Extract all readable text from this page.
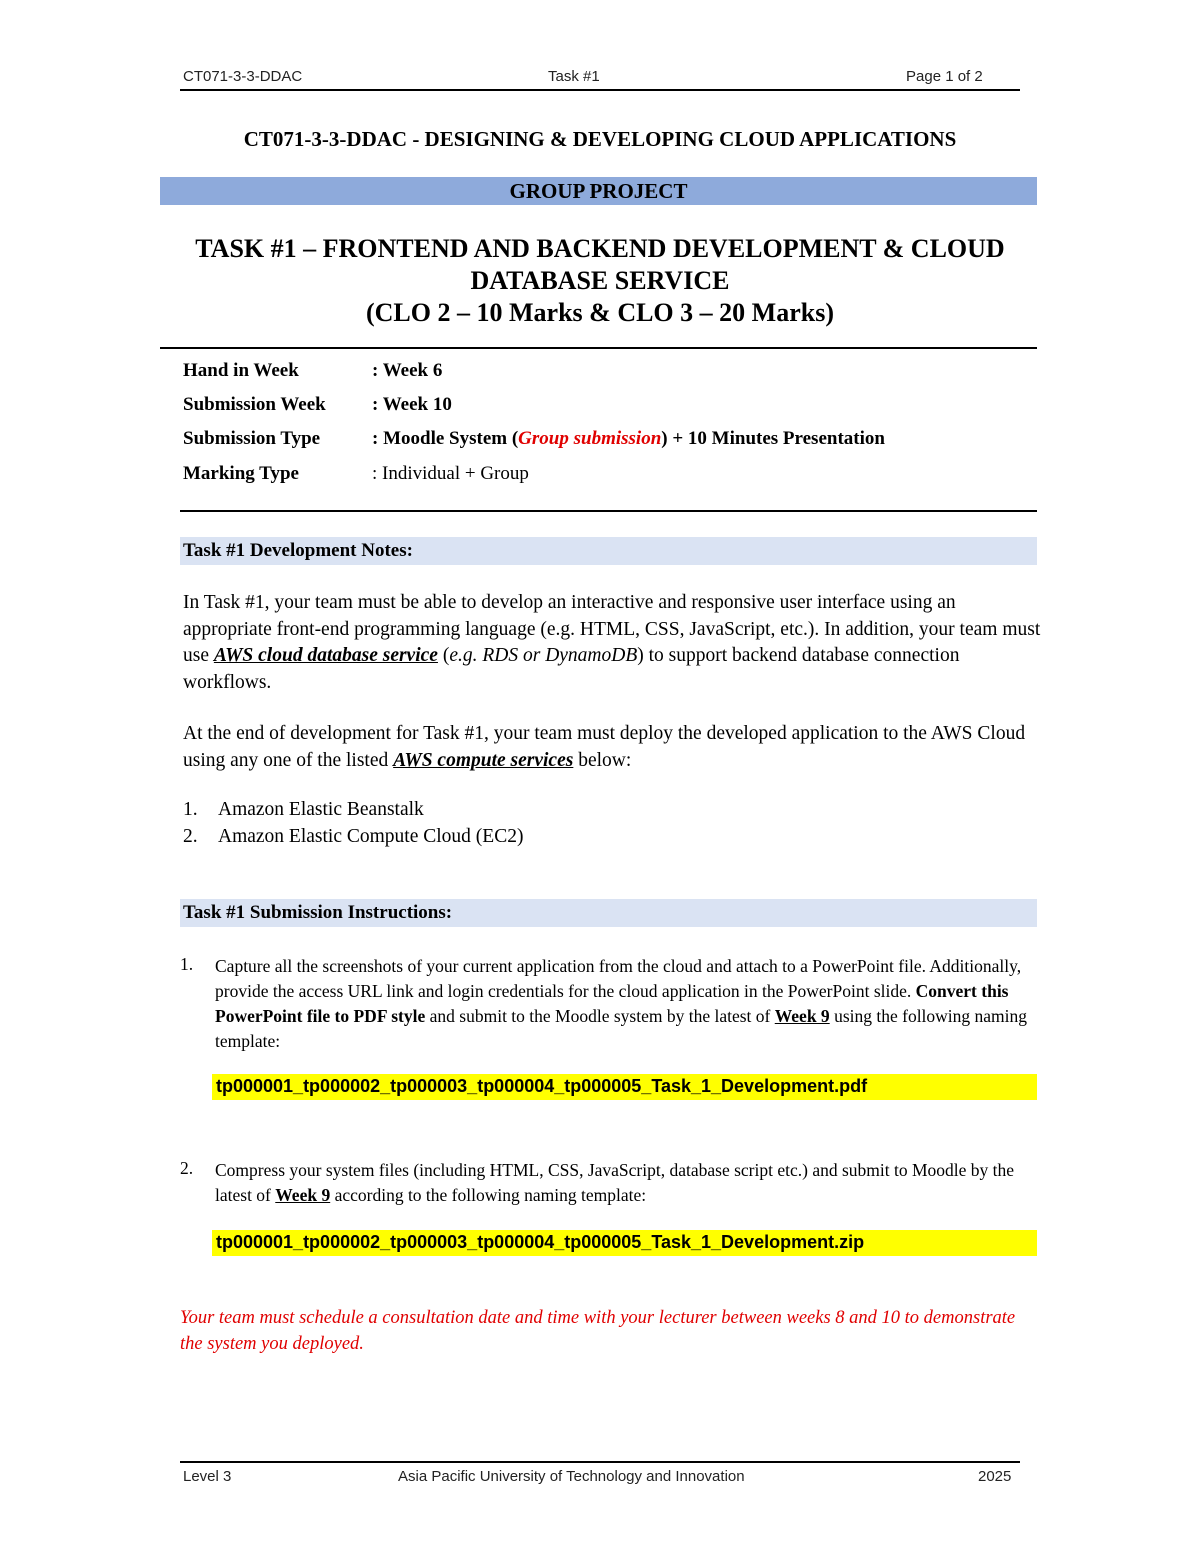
CT071-3-3-DDAC	Task #1	Page 1 of 2
CT071-3-3-DDAC - DESIGNING & DEVELOPING CLOUD APPLICATIONS
GROUP PROJECT
TASK #1 – FRONTEND AND BACKEND DEVELOPMENT & CLOUD
DATABASE SERVICE
(CLO 2 – 10 Marks & CLO 3 – 20 Marks)
Hand in Week	: Week 6
Submission Week : Week 10
Submission Type	: Moodle System (Group submission) + 10 Minutes Presentation
Marking Type	: Individual + Group
Task #1 Development Notes:

In Task #1, your team must be able to develop an interactive and responsive user interface using an appropriate front-end programming language (e.g. HTML, CSS, JavaScript, etc.). In addition, your team must use AWS cloud database service (e.g. RDS or DynamoDB) to support backend database connection workflows.

At the end of development for Task #1, your team must deploy the developed application to the AWS Cloud using any one of the listed AWS compute services below:

1. Amazon Elastic Beanstalk
2. Amazon Elastic Compute Cloud (EC2)
Task #1 Submission Instructions:
1. Capture all the screenshots of your current application from the cloud and attach to a PowerPoint file. Additionally, provide the access URL link and login credentials for the cloud application in the PowerPoint slide. Convert this PowerPoint file to PDF style and submit to the Moodle system by the latest of Week 9 using the following naming template:
tp000001_tp000002_tp000003_tp000004_tp000005_Task_1_Development.pdf
2. Compress your system files (including HTML, CSS, JavaScript, database script etc.) and submit to Moodle by the latest of Week 9 according to the following naming template:
tp000001_tp000002_tp000003_tp000004_tp000005_Task_1_Development.zip
Your team must schedule a consultation date and time with your lecturer between weeks 8 and 10 to demonstrate the system you deployed.
Level 3	Asia Pacific University of Technology and Innovation	2025
